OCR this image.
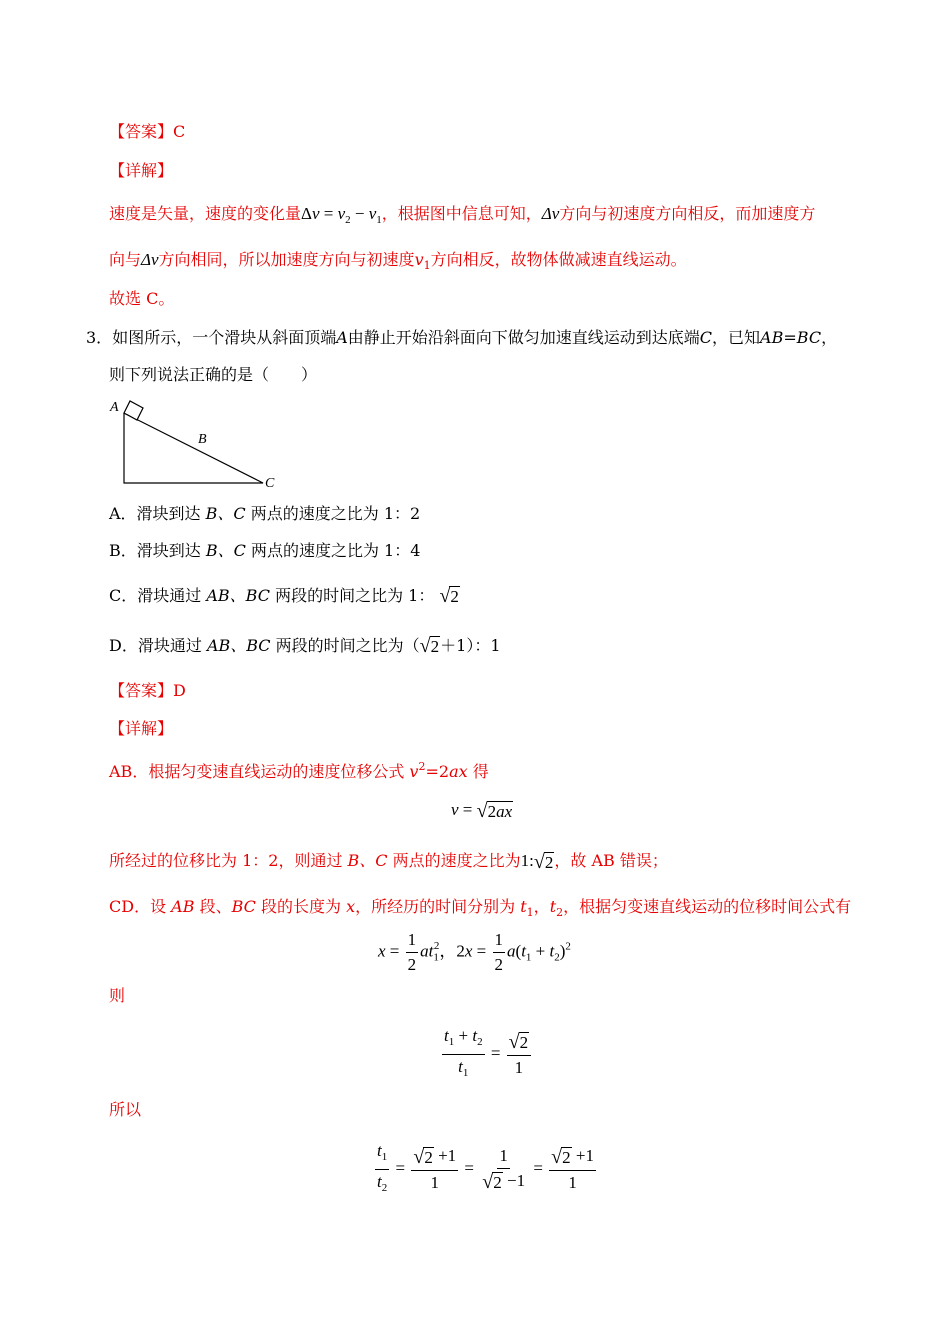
【答案】C
【详解】
速度是矢量，速度的变化量$\Delta v = v_2 - v_1$，根据图中信息可知，Δv方向与初速度方向相反，而加速度方
向与Δv方向相同，所以加速度方向与初速度$v_1$方向相反，故物体做减速直线运动。
故选 C。
3．如图所示，一个滑块从斜面顶端A由静止开始沿斜面向下做匀加速直线运动到达底端C，已知AB=BC，
则下列说法正确的是（　　）
A
B
C
A．滑块到达 B、C 两点的速度之比为 1：2
B．滑块到达 B、C 两点的速度之比为 1：4
C．滑块通过 AB、BC 两段的时间之比为 1： √ 2
D．滑块通过 AB、BC 两段的时间之比为（ √ 2 ＋1）：1
【答案】D
【详解】
AB．根据匀变速直线运动的速度位移公式 $v^2=2ax$ 得
v = √ 2ax
所经过的位移比为 1：2，则通过 B、C 两点的速度之比为1: √ 2 ，故 AB 错误；
CD．设 AB 段、BC 段的长度为 x，所经历的时间分别为 $t_1$，$t_2$，根据匀变速直线运动的位移时间公式有
$x = \frac{1}{2} at_1^2$，$2x = \frac{1}{2} a(t_1 + t_2)^2$
则
$\frac{t_1 + t_2}{t_1} = \frac{√ 2}{1}$
所以
$\frac{t_1}{t_2} = \frac{√ 2 +1}{1} = \frac{1}{√ 2 -1} = \frac{√ 2 +1}{1}$
